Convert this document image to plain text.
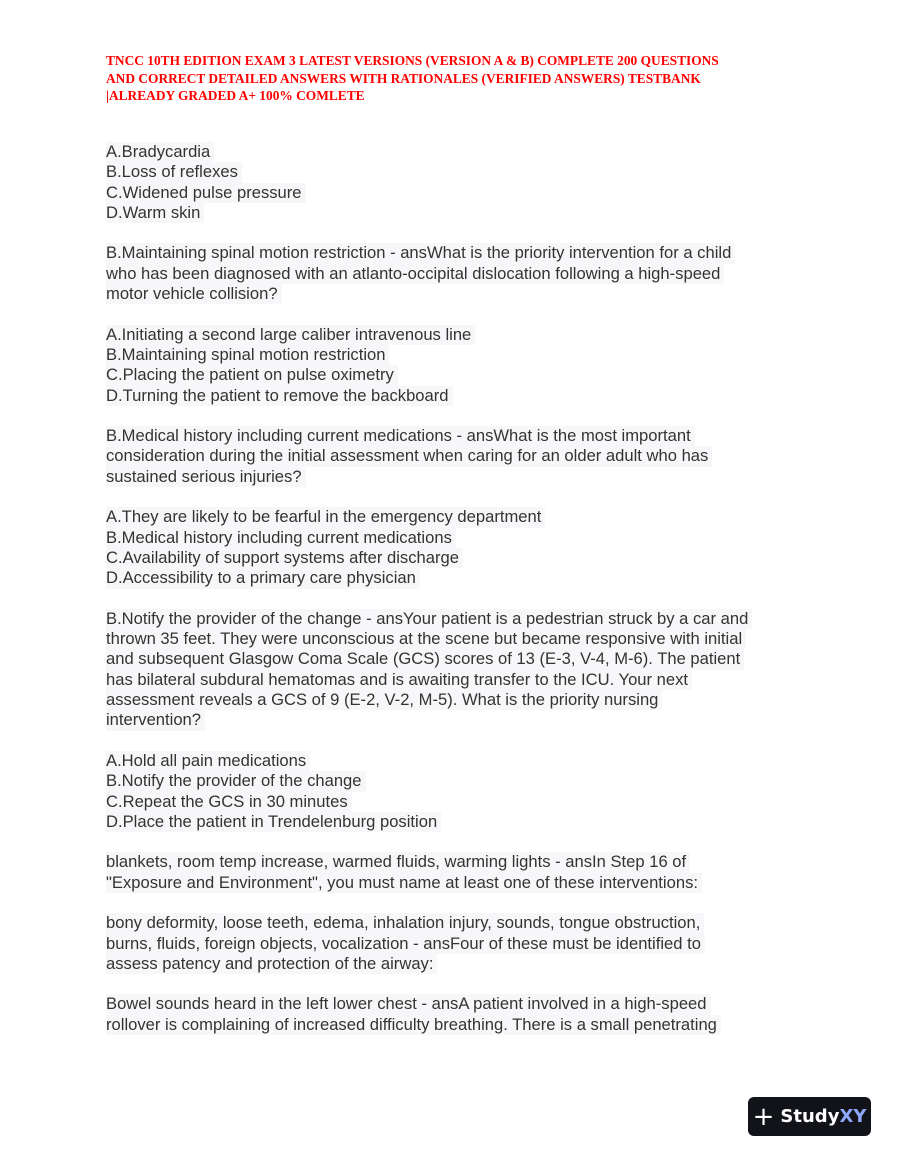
TNCC 10TH EDITION EXAM 3 LATEST VERSIONS (VERSION A & B) COMPLETE 200 QUESTIONS
AND CORRECT DETAILED ANSWERS WITH RATIONALES (VERIFIED ANSWERS) TESTBANK
|ALREADY GRADED A+ 100% COMLETE
A.Bradycardia
B.Loss of reflexes
C.Widened pulse pressure
D.Warm skin
B.Maintaining spinal motion restriction - ansWhat is the priority intervention for a child
who has been diagnosed with an atlanto-occipital dislocation following a high-speed
motor vehicle collision?
A.Initiating a second large caliber intravenous line
B.Maintaining spinal motion restriction
C.Placing the patient on pulse oximetry
D.Turning the patient to remove the backboard
B.Medical history including current medications - ansWhat is the most important
consideration during the initial assessment when caring for an older adult who has
sustained serious injuries?
A.They are likely to be fearful in the emergency department
B.Medical history including current medications
C.Availability of support systems after discharge
D.Accessibility to a primary care physician
B.Notify the provider of the change - ansYour patient is a pedestrian struck by a car and
thrown 35 feet. They were unconscious at the scene but became responsive with initial
and subsequent Glasgow Coma Scale (GCS) scores of 13 (E-3, V-4, M-6). The patient
has bilateral subdural hematomas and is awaiting transfer to the ICU. Your next
assessment reveals a GCS of 9 (E-2, V-2, M-5). What is the priority nursing
intervention?
A.Hold all pain medications
B.Notify the provider of the change
C.Repeat the GCS in 30 minutes
D.Place the patient in Trendelenburg position
blankets, room temp increase, warmed fluids, warming lights - ansIn Step 16 of
"Exposure and Environment", you must name at least one of these interventions:
bony deformity, loose teeth, edema, inhalation injury, sounds, tongue obstruction,
burns, fluids, foreign objects, vocalization - ansFour of these must be identified to
assess patency and protection of the airway:
Bowel sounds heard in the left lower chest - ansA patient involved in a high-speed
rollover is complaining of increased difficulty breathing. There is a small penetrating
+ StudyXY
